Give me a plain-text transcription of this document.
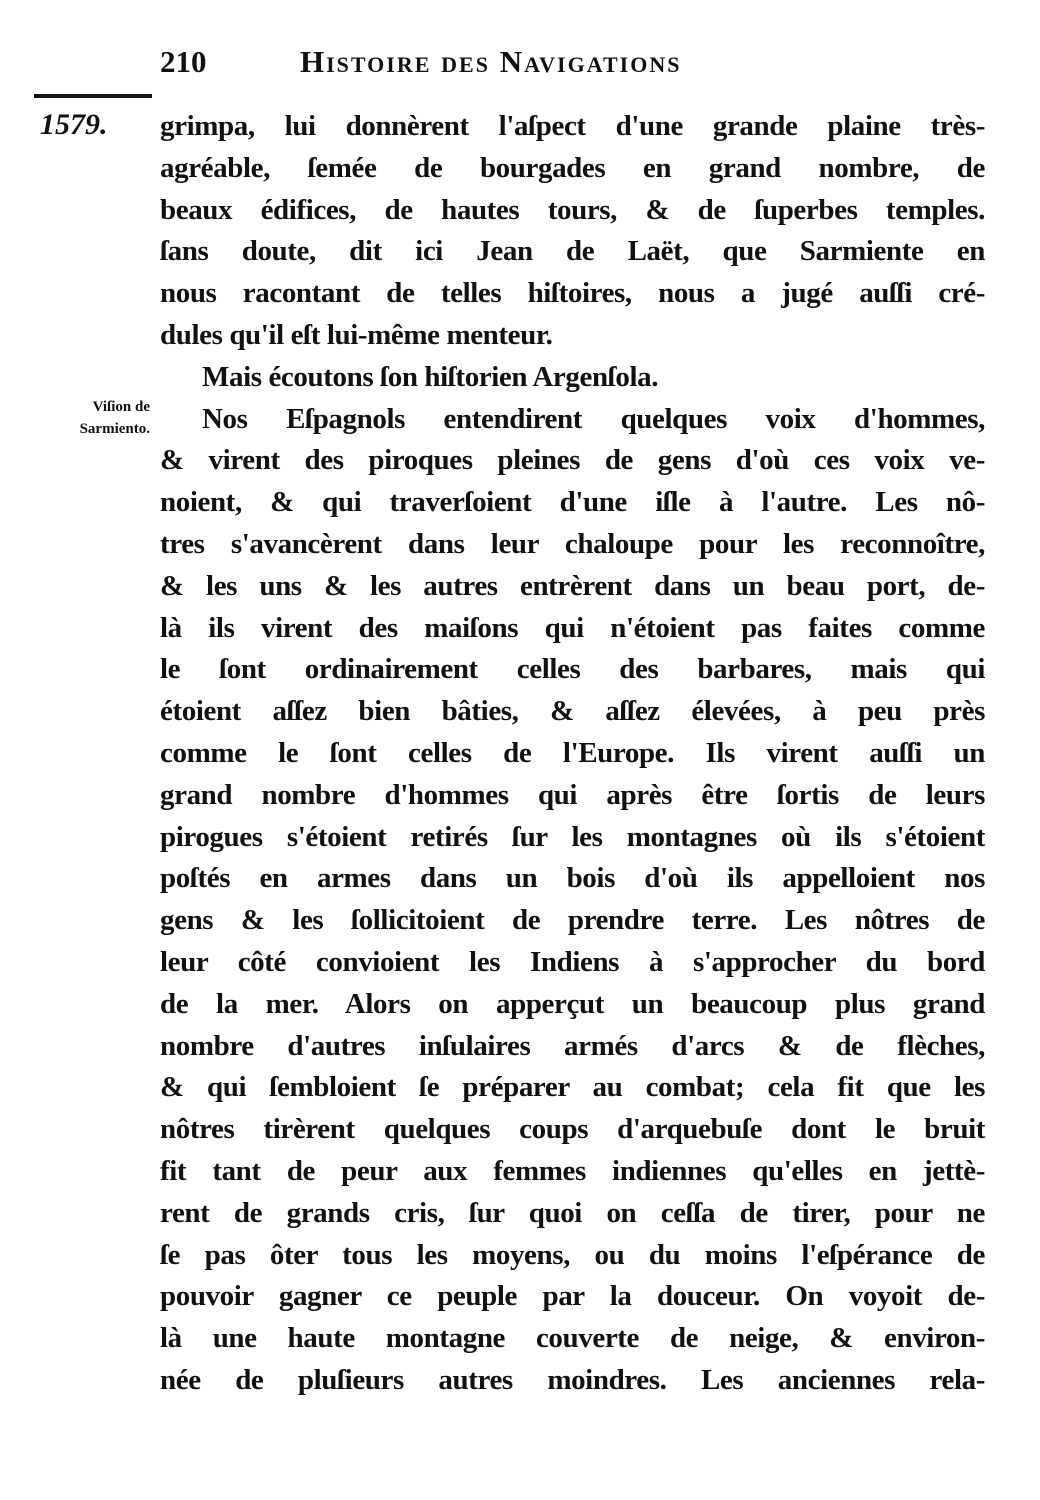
210	Histoire des Navigations
1579.
Viſion de
Sarmiento.
grimpa, lui donnèrent l'aſpect d'une grande plaine très-
agréable, ſemée de bourgades en grand nombre, de
beaux édifices, de hautes tours, & de ſuperbes temples.
ſans doute, dit ici Jean de Laët, que Sarmiente en
nous racontant de telles hiſtoires, nous a jugé auſſi cré-
dules qu'il eſt lui-même menteur.
Mais écoutons ſon hiſtorien Argenſola.
Nos Eſpagnols entendirent quelques voix d'hommes,
& virent des piroques pleines de gens d'où ces voix ve-
noient, & qui traverſoient d'une iſle à l'autre. Les nô-
tres s'avancèrent dans leur chaloupe pour les reconnoître,
& les uns & les autres entrèrent dans un beau port, de-
là ils virent des maiſons qui n'étoient pas faites comme
le ſont ordinairement celles des barbares, mais qui
étoient aſſez bien bâties, & aſſez élevées, à peu près
comme le ſont celles de l'Europe. Ils virent auſſi un
grand nombre d'hommes qui après être ſortis de leurs
pirogues s'étoient retirés ſur les montagnes où ils s'étoient
poſtés en armes dans un bois d'où ils appelloient nos
gens & les ſollicitoient de prendre terre. Les nôtres de
leur côté convioient les Indiens à s'approcher du bord
de la mer. Alors on apperçut un beaucoup plus grand
nombre d'autres inſulaires armés d'arcs & de flèches,
& qui ſembloient ſe préparer au combat; cela fit que les
nôtres tirèrent quelques coups d'arquebuſe dont le bruit
fit tant de peur aux femmes indiennes qu'elles en jettè-
rent de grands cris, ſur quoi on ceſſa de tirer, pour ne
ſe pas ôter tous les moyens, ou du moins l'eſpérance de
pouvoir gagner ce peuple par la douceur. On voyoit de-
là une haute montagne couverte de neige, & environ-
née de pluſieurs autres moindres. Les anciennes rela-
